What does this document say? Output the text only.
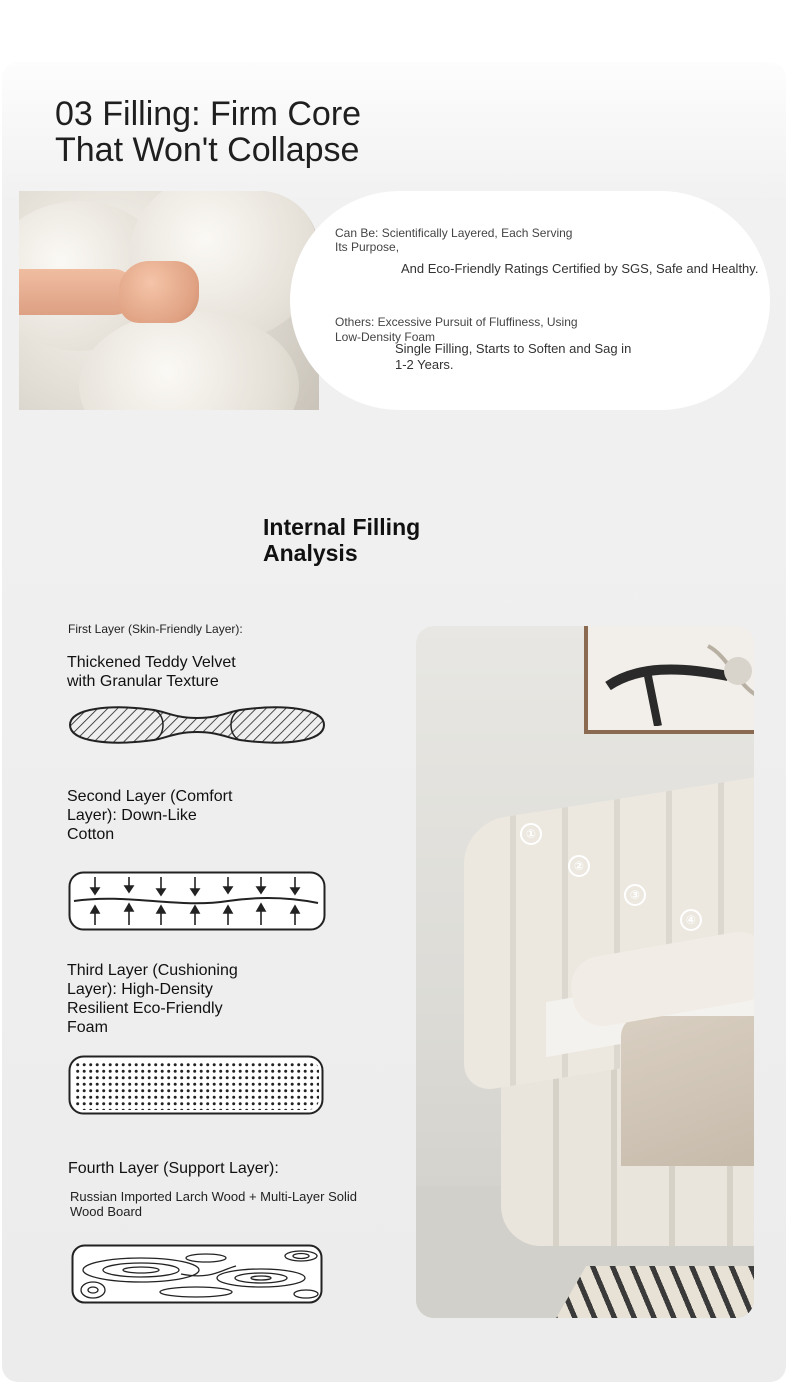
03 Filling: Firm Core
That Won't Collapse
Can Be: Scientifically Layered, Each Serving
Its Purpose,
And Eco-Friendly Ratings Certified by SGS, Safe and Healthy.
Others: Excessive Pursuit of Fluffiness, Using
Low-Density Foam
Single Filling, Starts to Soften and Sag in
1-2 Years.
Internal Filling
Analysis
First Layer (Skin-Friendly Layer):
Thickened Teddy Velvet with Granular Texture
Second Layer (Comfort Layer): Down-Like Cotton
Third Layer (Cushioning Layer): High-Density Resilient Eco-Friendly Foam
Fourth Layer (Support Layer):
Russian Imported Larch Wood + Multi-Layer Solid Wood Board
①
②
③
④
